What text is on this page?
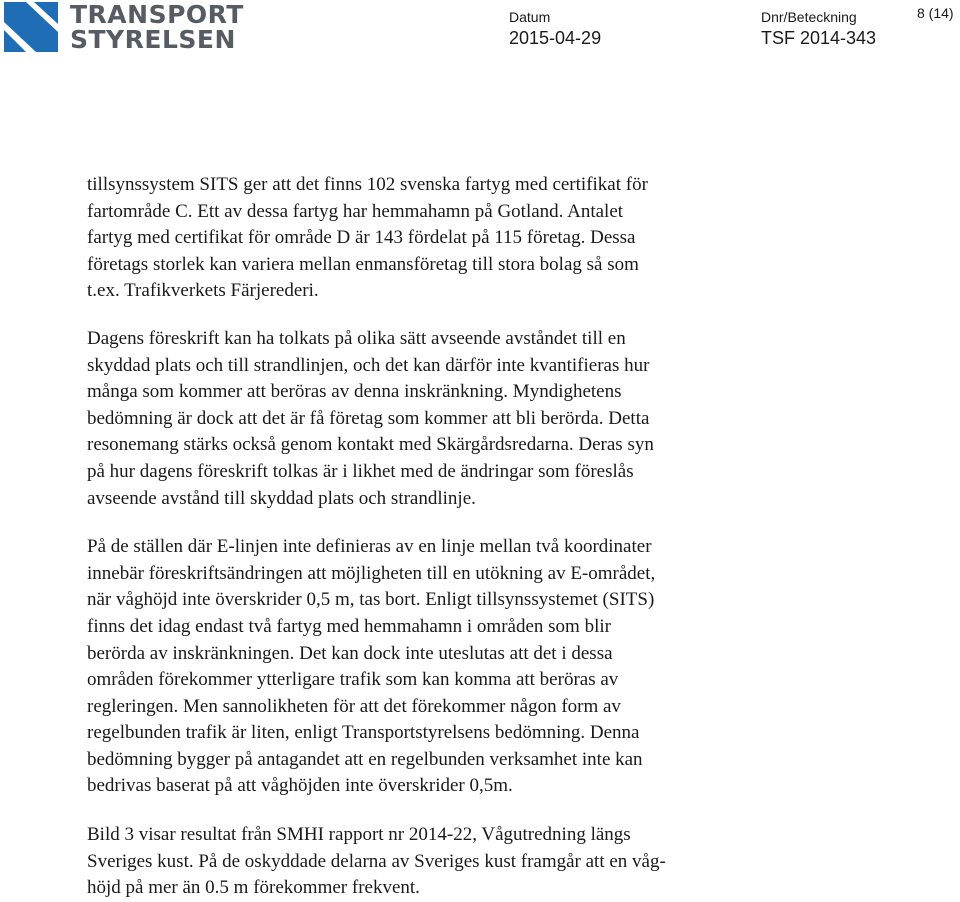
TRANSPORT
STYRELSEN
Datum
2015-04-29
Dnr/Beteckning
TSF 2014-343
8 (14)

tillsynssystem SITS ger att det finns 102 svenska fartyg med certifikat för
fartområde C. Ett av dessa fartyg har hemmahamn på Gotland. Antalet
fartyg med certifikat för område D är 143 fördelat på 115 företag. Dessa
företags storlek kan variera mellan enmansföretag till stora bolag så som
t.ex. Trafikverkets Färjerederi.

Dagens föreskrift kan ha tolkats på olika sätt avseende avståndet till en
skyddad plats och till strandlinjen, och det kan därför inte kvantifieras hur
många som kommer att beröras av denna inskränkning. Myndighetens
bedömning är dock att det är få företag som kommer att bli berörda. Detta
resonemang stärks också genom kontakt med Skärgårdsredarna. Deras syn
på hur dagens föreskrift tolkas är i likhet med de ändringar som föreslås
avseende avstånd till skyddad plats och strandlinje.

På de ställen där E-linjen inte definieras av en linje mellan två koordinater
innebär föreskriftsändringen att möjligheten till en utökning av E-området,
när våghöjd inte överskrider 0,5 m, tas bort. Enligt tillsynssystemet (SITS)
finns det idag endast två fartyg med hemmahamn i områden som blir
berörda av inskränkningen. Det kan dock inte uteslutas att det i dessa
områden förekommer ytterligare trafik som kan komma att beröras av
regleringen. Men sannolikheten för att det förekommer någon form av
regelbunden trafik är liten, enligt Transportstyrelsens bedömning. Denna
bedömning bygger på antagandet att en regelbunden verksamhet inte kan
bedrivas baserat på att våghöjden inte överskrider 0,5m.

Bild 3 visar resultat från SMHI rapport nr 2014-22, Vågutredning längs
Sveriges kust. På de oskyddade delarna av Sveriges kust framgår att en våg-
höjd på mer än 0.5 m förekommer frekvent.
